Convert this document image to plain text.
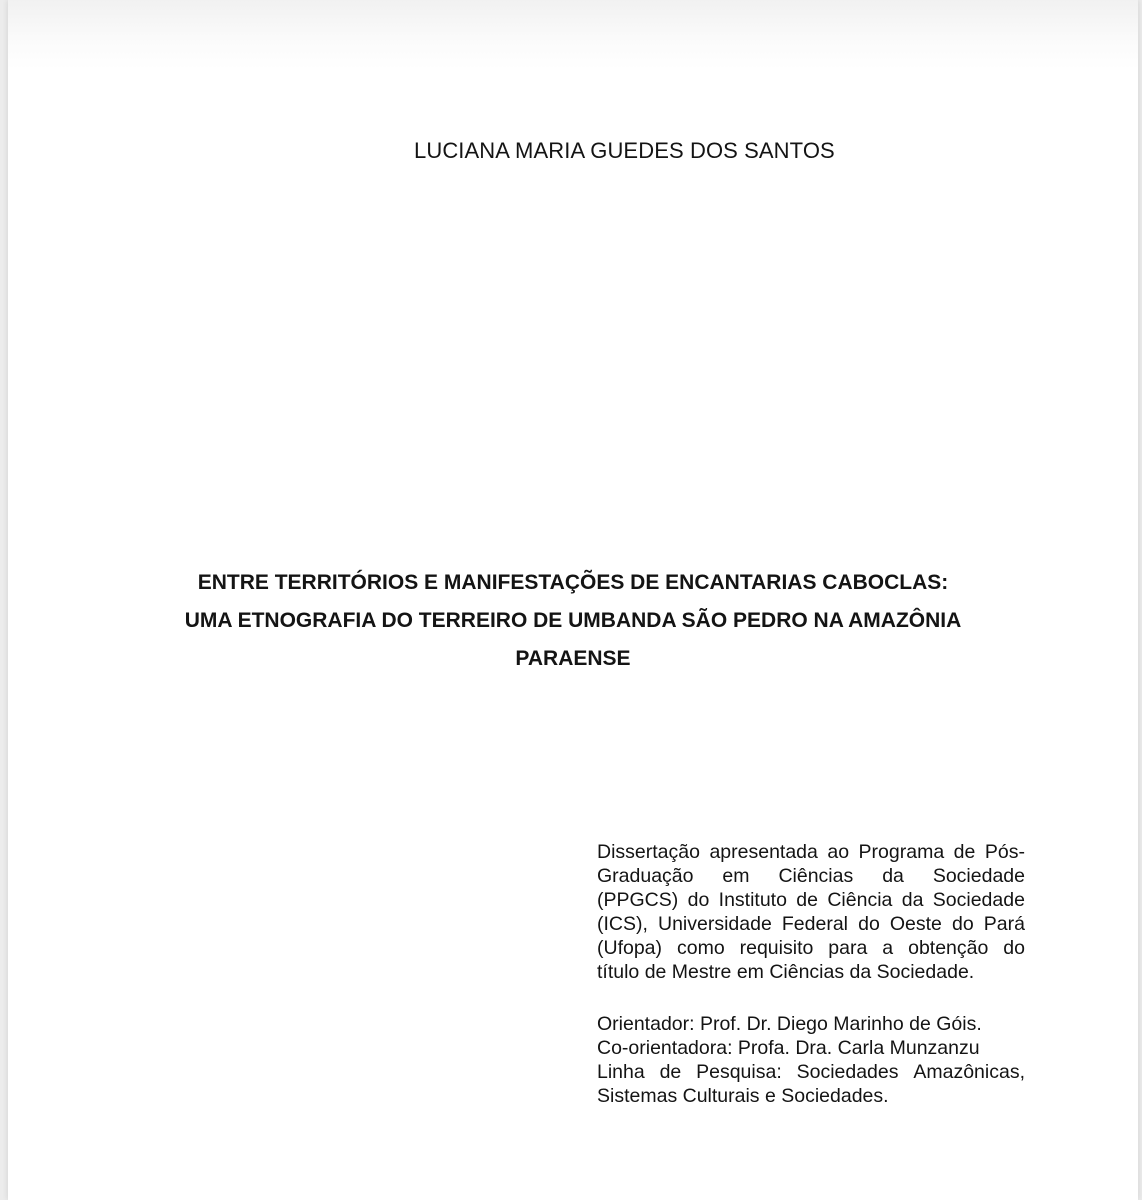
LUCIANA MARIA GUEDES DOS SANTOS
ENTRE TERRITÓRIOS E MANIFESTAÇÕES DE ENCANTARIAS CABOCLAS:
UMA ETNOGRAFIA DO TERREIRO DE UMBANDA SÃO PEDRO NA AMAZÔNIA
PARAENSE
Dissertação apresentada ao Programa de Pós-
Graduação em Ciências da Sociedade
(PPGCS) do Instituto de Ciência da Sociedade
(ICS), Universidade Federal do Oeste do Pará
(Ufopa) como requisito para a obtenção do
título de Mestre em Ciências da Sociedade.
Orientador: Prof. Dr. Diego Marinho de Góis.
Co-orientadora: Profa. Dra. Carla Munzanzu
Linha de Pesquisa: Sociedades Amazônicas,
Sistemas Culturais e Sociedades.
